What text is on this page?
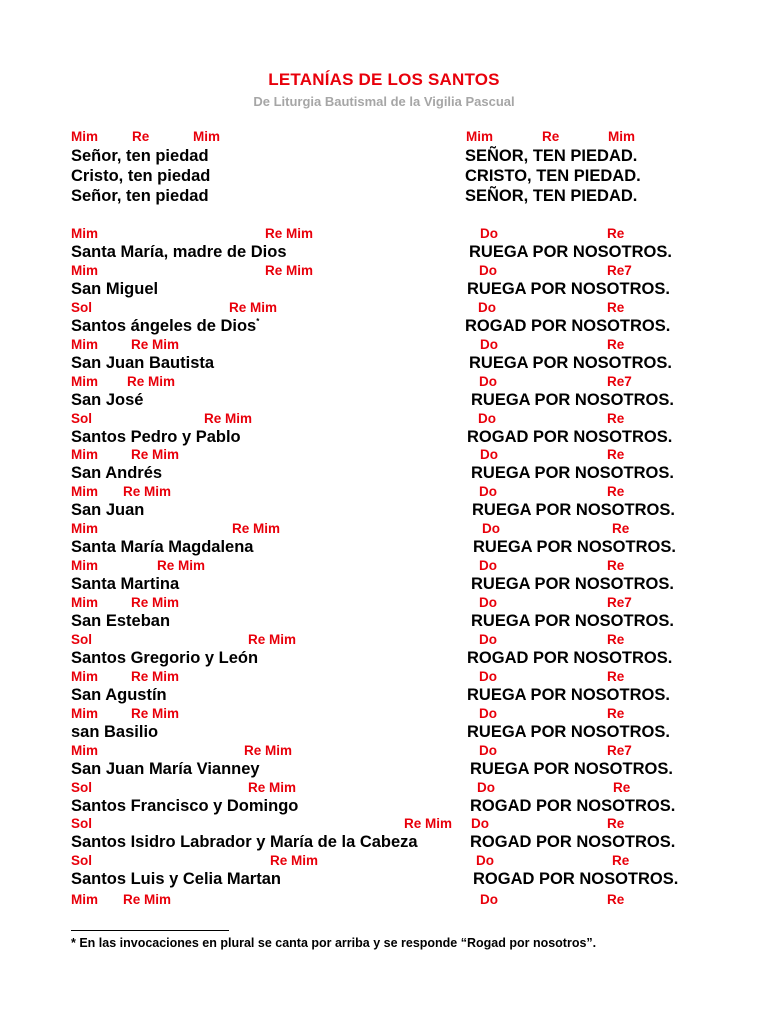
LETANÍAS DE LOS SANTOS
De Liturgia Bautismal de la Vigilia Pascual
Mim	Re	Mim	Mim	Re	Mim
Señor, ten piedad	SEÑOR, TEN PIEDAD.
Cristo, ten piedad	CRISTO, TEN PIEDAD.
Señor, ten piedad	SEÑOR, TEN PIEDAD.
Mim	Re Mim	Do	Re
Santa María, madre de Dios	RUEGA POR NOSOTROS.
Mim	Re Mim	Do	Re7
San Miguel	RUEGA POR NOSOTROS.
Sol	Re Mim	Do	Re
Santos ángeles de Dios*	ROGAD POR NOSOTROS.
Mim Re Mim	Do	Re
San Juan Bautista	RUEGA POR NOSOTROS.
Mim Re Mim	Do	Re7
San José	RUEGA POR NOSOTROS.
Sol	Re Mim	Do	Re
Santos Pedro y Pablo	ROGAD POR NOSOTROS.
Mim Re Mim	Do	Re
San Andrés	RUEGA POR NOSOTROS.
Mim Re Mim	Do	Re
San Juan	RUEGA POR NOSOTROS.
Mim	Re Mim	Do	Re
Santa María Magdalena	RUEGA POR NOSOTROS.
Mim	Re Mim	Do	Re
Santa Martina	RUEGA POR NOSOTROS.
Mim Re Mim	Do	Re7
San Esteban	RUEGA POR NOSOTROS.
Sol	Re Mim	Do	Re
Santos Gregorio y León	ROGAD POR NOSOTROS.
Mim Re Mim	Do	Re
San Agustín	RUEGA POR NOSOTROS.
Mim Re Mim	Do	Re
san Basilio	RUEGA POR NOSOTROS.
Mim	Re Mim	Do	Re7
San Juan María Vianney	RUEGA POR NOSOTROS.
Sol	Re Mim	Do	Re
Santos Francisco y Domingo	ROGAD POR NOSOTROS.
Sol	Re Mim Do	Re
Santos Isidro Labrador y María de la Cabeza	ROGAD POR NOSOTROS.
Sol	Re Mim	Do	Re
Santos Luis y Celia Martan	ROGAD POR NOSOTROS.
Mim Re Mim	Do	Re
* En las invocaciones en plural se canta por arriba y se responde “Rogad por nosotros”.
